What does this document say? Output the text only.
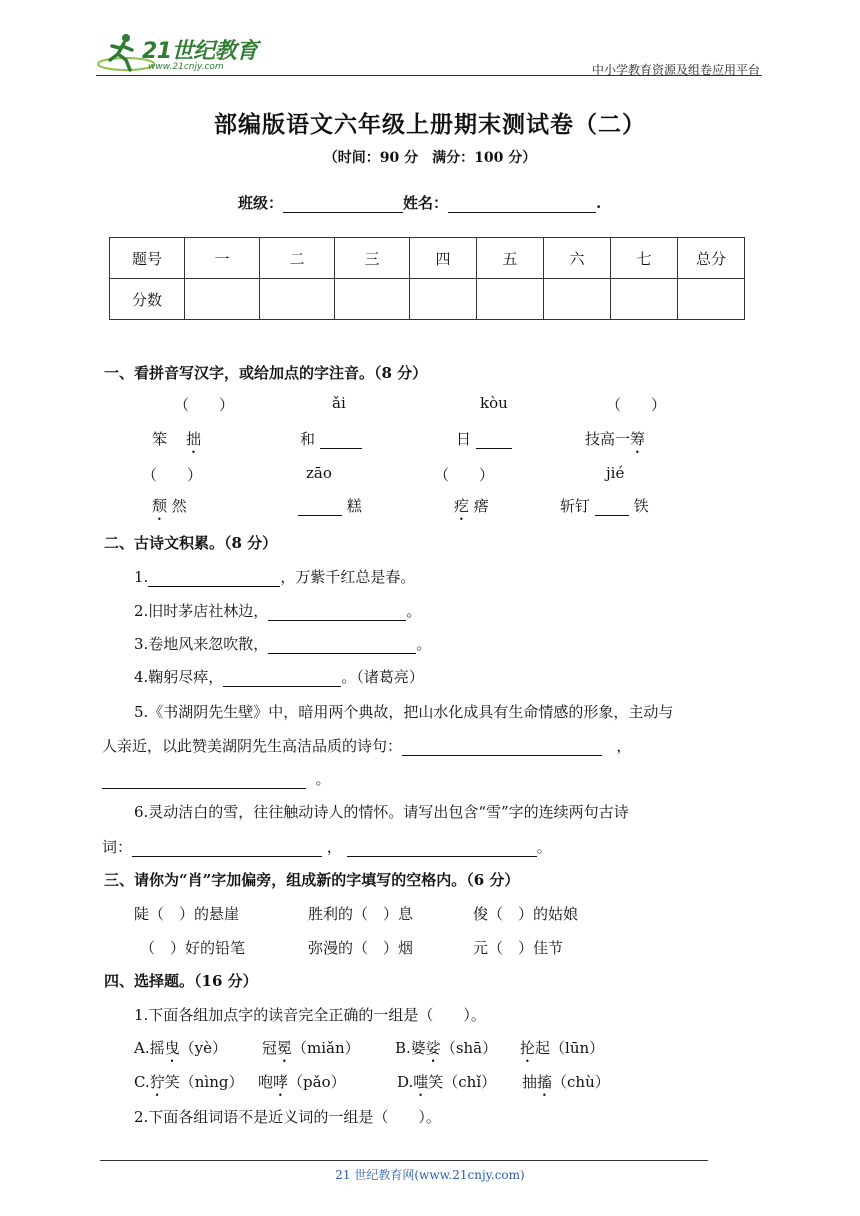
21世纪教育
www.21cnjy.com	中小学教育资源及组卷应用平台
部编版语文六年级上册期末测试卷（二）
（时间：90 分　满分：100 分）
班级：	姓名：	.
题号	一	二	三	四	五	六	七	总分
分数								
一、看拼音写汉字，或给加点的字注音。（8 分）
（　　）	ǎi	kòu	（　　）
笨 拙	和	日	技高一筹
（　　）	zāo	（　　）	jié
颓 然	糕	疙 瘩	斩钉	铁
二、古诗文积累。（8 分）
1.	，万紫千红总是春。
2.旧时茅店社林边，	。
3.卷地风来忽吹散，	。
4.鞠躬尽瘁，	。（诸葛亮）
5.《书湖阴先生壁》中，暗用两个典故，把山水化成具有生命情感的形象，主动与
人亲近，以此赞美湖阴先生高洁品质的诗句：	，
。
6.灵动洁白的雪，往往触动诗人的情怀。请写出包含“雪”字的连续两句古诗
词：	，	。
三、请你为“肖”字加偏旁，组成新的字填写的空格内。（6 分）
陡（　）的悬崖	胜利的（　）息	俊（　）的姑娘
（　）好的铅笔	弥漫的（　）烟	元（　）佳节
四、选择题。（16 分）
1.下面各组加点字的读音完全正确的一组是（　　）。
A.摇曳（yè） 冠冕（miǎn） B.婆娑（shā） 抡起（lūn）
C.狞笑（nìng） 咆哮（pǎo）	D.嗤笑（chǐ） 抽搐（chù）
2.下面各组词语不是近义词的一组是（　　）。
21 世纪教育网(www.21cnjy.com)
